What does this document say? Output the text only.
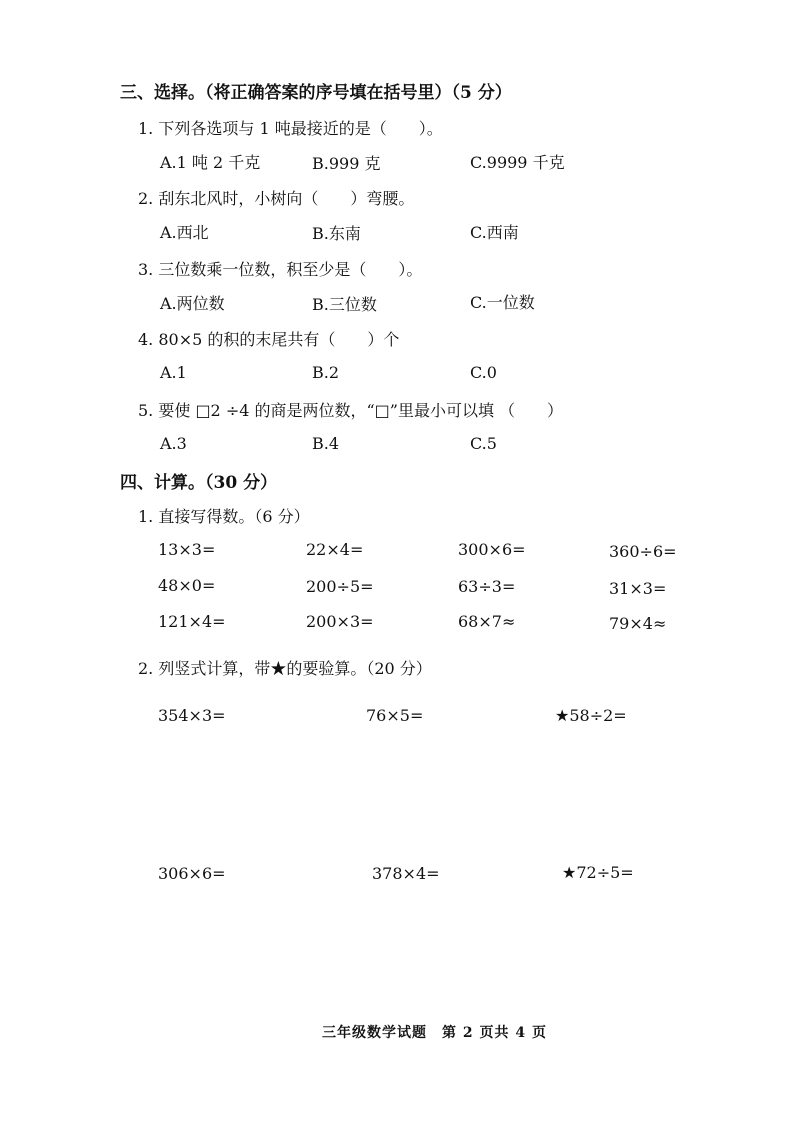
三、选择。（将正确答案的序号填在括号里）（5 分）
1. 下列各选项与 1 吨最接近的是（　　）。
A.1 吨 2 千克	B.999 克	C.9999 千克
2. 刮东北风时，小树向（　　）弯腰。
A.西北	B.东南	C.西南
3. 三位数乘一位数，积至少是（　　）。
A.两位数	B.三位数	C.一位数
4. 80×5 的积的末尾共有（　　）个
A.1	B.2	C.0
5. 要使 □2 ÷4 的商是两位数，“□”里最小可以填 （　　）
A.3	B.4	C.5
四、计算。（30 分）
1. 直接写得数。（6 分）
13×3=	22×4=	300×6=	360÷6=
48×0=	200÷5=	63÷3=	31×3=
121×4=	200×3=	68×7≈	79×4≈
2. 列竖式计算，带★的要验算。（20 分）
354×3=	76×5=	★58÷2=
306×6=	378×4=	★72÷5=
三年级数学试题　第 2 页共 4 页
